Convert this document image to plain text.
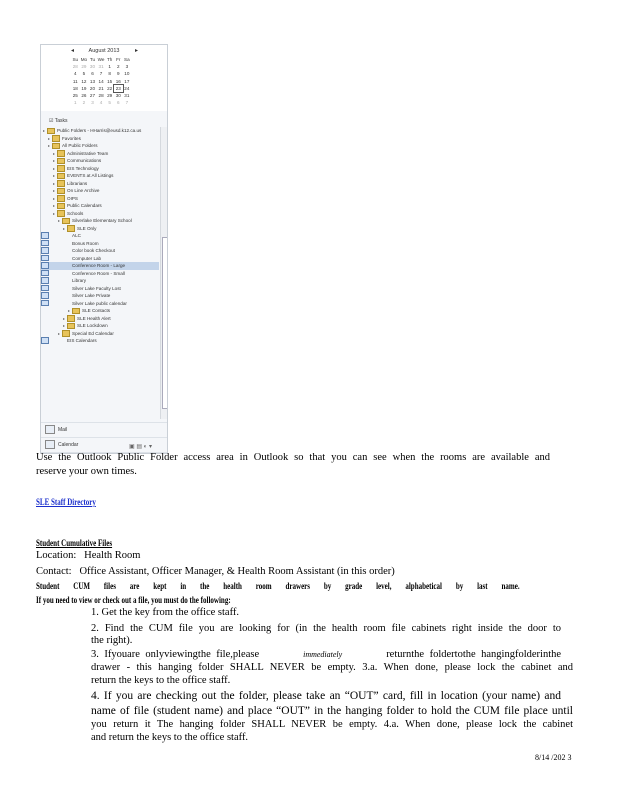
◂	August 2013	▸
Su	Mo	Tu	We	Th	Fr	Sa
28	29	30	31	1	2	3
4	5	6	7	8	9	10
11	12	13	14	15	16	17
18	19	20	21	22	23	24
25	26	27	28	29	30	31
1	2	3	4	5	6	7
☑ Tasks
▸	Public Folders - HHarris@eusd.k12.ca.us
▸	Favorites
▸	All Public Folders
▸	Administrative Team
▸	Communications
▸	EIS Technology
▸	EVENTS at All Listings
▸	Librarians
▸	On Line Archive
▸	OIPS
▸	Public Calendars
▸	Schools
▸	Silverlake Elementary School
▸	SLE Only
ALC
Bonus Room
Color book Checkout
Computer Lab
Conference Room - Large
Conference Room - Small
Library
Silver Lake Faculty Lost
Silver Lake Private
Silver Lake public calendar
▸	SLE Contacts
▸	SLE Health Alert
▸	SLE Lockdown
▸	Special Ed Calendar
EIS Calendars
Mail
Calendar	▣ ▤ ◐ ▾
Use the Outlook Public Folder access area in Outlook so that you can see when the rooms are available and
reserve your own times.
SLE Staff Directory
Student Cumulative Files
Location: Health Room
Contact: Office Assistant, Officer Manager, & Health Room Assistant (in this order)
Student CUM files are kept in the health room drawers by grade level, alphabetical by last name.
If you need to view or check out a file, you must do the following:
1. Get the key from the office staff.
2. Find the CUM file you are looking for (in the health room file cabinets right inside the door to
the right).
3. Ifyouare onlyviewingthe file,please	immediately	returnthe foldertothe hangingfolderinthe
drawer - this hanging folder SHALL NEVER be empty. 3.a. When done, please lock the cabinet and
return the keys to the office staff.
4. If you are checking out the folder, please take an “OUT” card, fill in location (your name) and
name of file (student name) and place “OUT” in the hanging folder to hold the CUM file place until
you return it The hanging folder SHALL NEVER be empty. 4.a. When done, please lock the cabinet
and return the keys to the office staff.
8/14 /202 3
